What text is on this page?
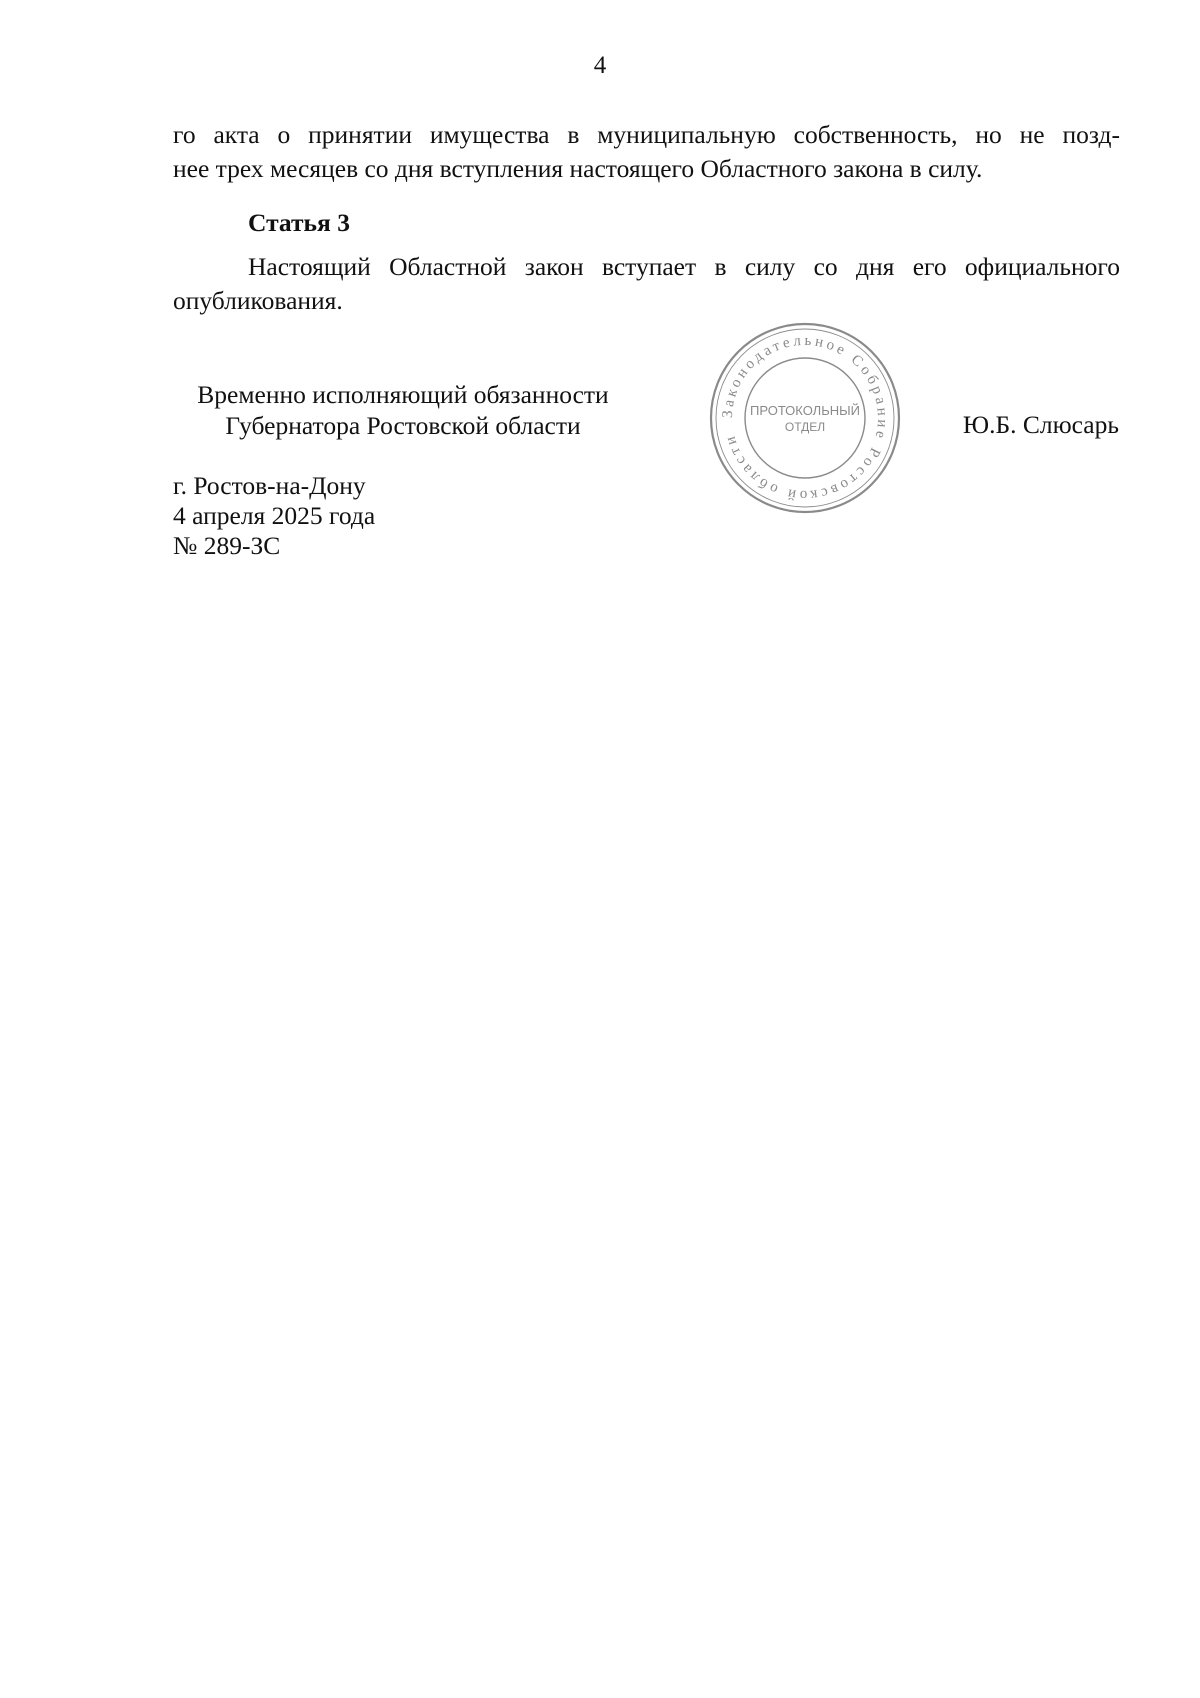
4
го акта о принятии имущества в муниципальную собственность, но не позд-
нее трех месяцев со дня вступления настоящего Областного закона в силу.
Статья 3
Настоящий Областной закон вступает в силу со дня его официального опубликования.
Временно исполняющий обязанности
Губернатора Ростовской области	Законодательное Собрание Ростовской области
ПРОТОКОЛЬНЫЙ
ОТДЕЛ	Ю.Б. Слюсарь
г. Ростов-на-Дону
4 апреля 2025 года
№ 289-ЗС
